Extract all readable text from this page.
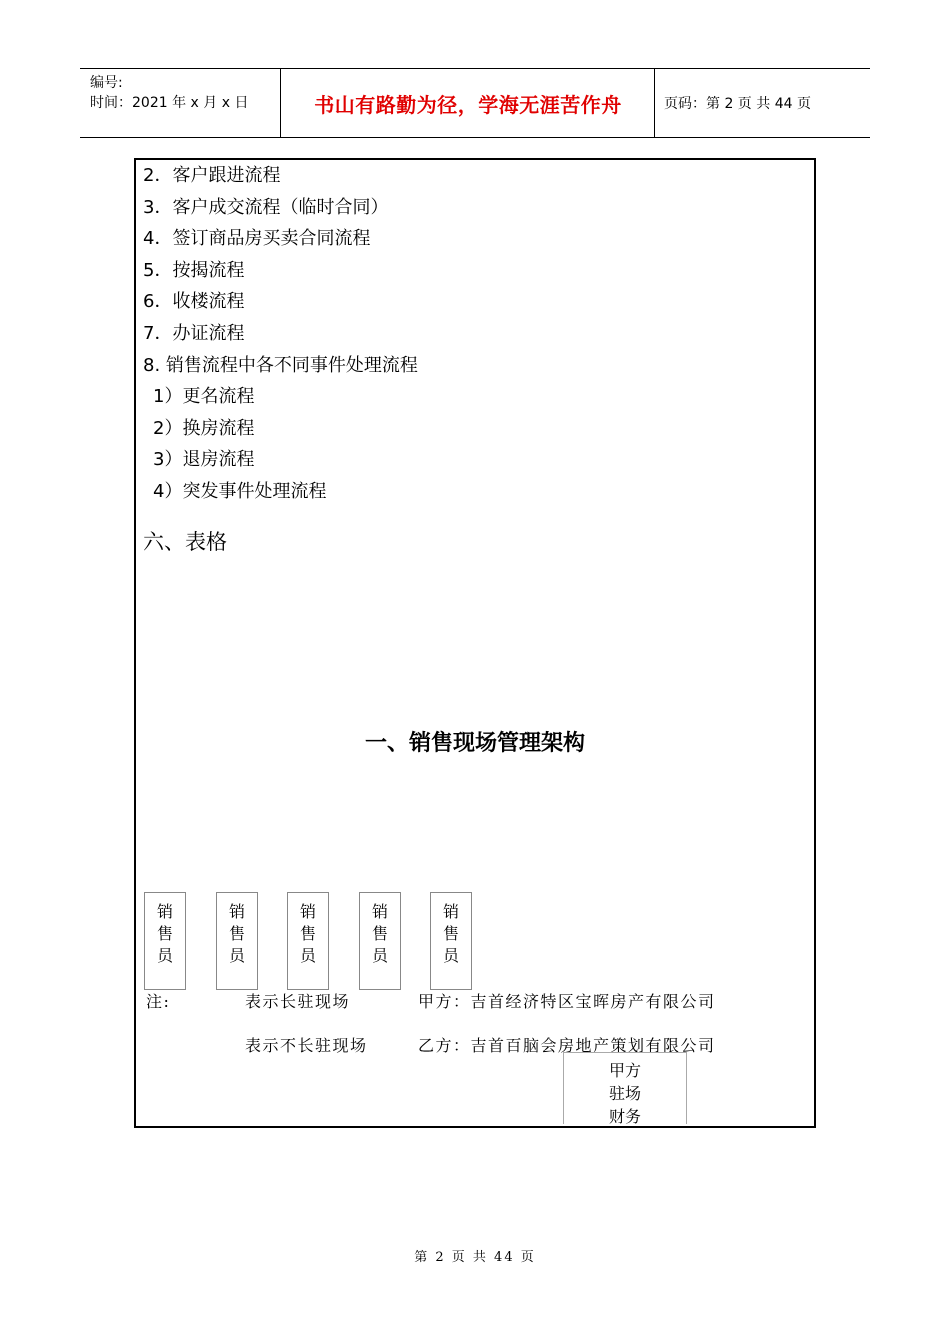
编号:
时间：2021 年 x 月 x 日	书山有路勤为径，学海无涯苦作舟	页码：第 2 页 共 44 页
2．客户跟进流程
3．客户成交流程（临时合同）
4．签订商品房买卖合同流程
5．按揭流程
6．收楼流程
7．办证流程
8. 销售流程中各不同事件处理流程
1）更名流程
2）换房流程
3）退房流程
4）突发事件处理流程
六、表格
一、销售现场管理架构
销
售
员
销
售
员
销
售
员
销
售
员
销
售
员
注:	表示长驻现场	甲方：吉首经济特区宝晖房产有限公司
表示不长驻现场	乙方：吉首百脑会房地产策划有限公司
甲方
驻场
财务
第 2 页 共 44 页
